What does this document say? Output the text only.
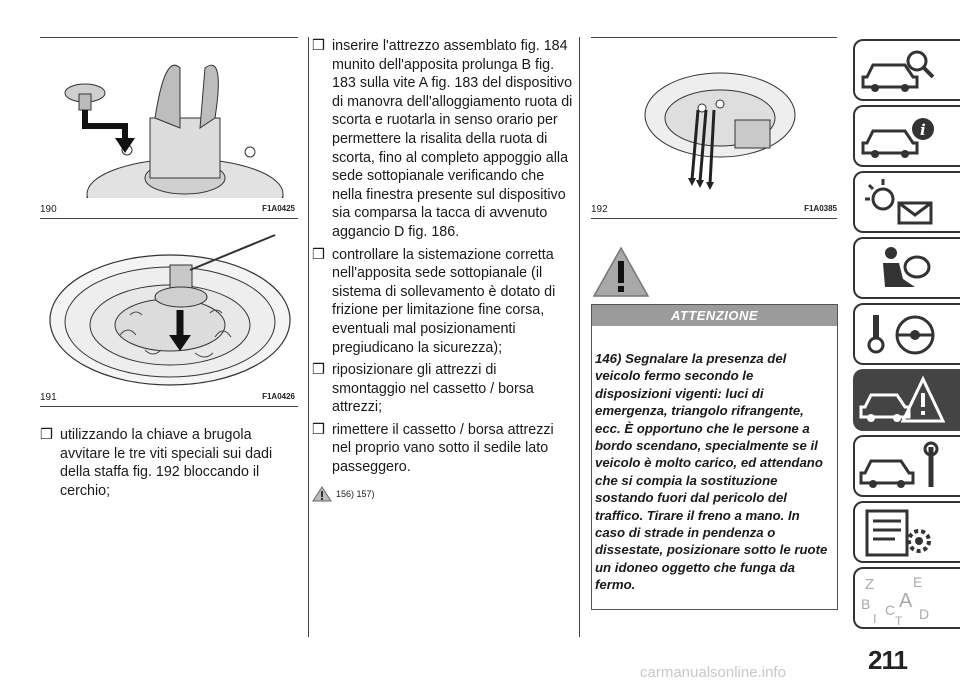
190	F1A0425
191	F1A0426
❒ utilizzando la chiave a brugola avvitare le tre viti speciali sui dadi della staffa fig. 192 bloccando il cerchio;
❒ inserire l'attrezzo assemblato fig. 184 munito dell'apposita prolunga B fig. 183 sulla vite A fig. 183 del dispositivo di manovra dell'alloggiamento ruota di scorta e ruotarla in senso orario per permettere la risalita della ruota di scorta, fino al completo appoggio alla sede sottopianale verificando che nella finestra presente sul dispositivo sia comparsa la tacca di avvenuto aggancio D fig. 186.
❒ controllare la sistemazione corretta nell'apposita sede sottopianale (il sistema di sollevamento è dotato di frizione per limitazione fine corsa, eventuali mal posizionamenti pregiudicano la sicurezza);
❒ riposizionare gli attrezzi di smontaggio nel cassetto / borsa attrezzi;
❒ rimettere il cassetto / borsa attrezzi nel proprio vano sotto il sedile lato passeggero.
156) 157)
192	F1A0385
ATTENZIONE
146) Segnalare la presenza del veicolo fermo secondo le disposizioni vigenti: luci di emergenza, triangolo rifrangente, ecc. È opportuno che le persone a bordo scendano, specialmente se il veicolo è molto carico, ed attendano che si compia la sostituzione sostando fuori dal pericolo del traffico. Tirare il freno a mano. In caso di strade in pendenza o dissestate, posizionare sotto le ruote un idoneo oggetto che funga da fermo.
i
Z	E
B A
I
C
T D
211
carmanualsonline.info
